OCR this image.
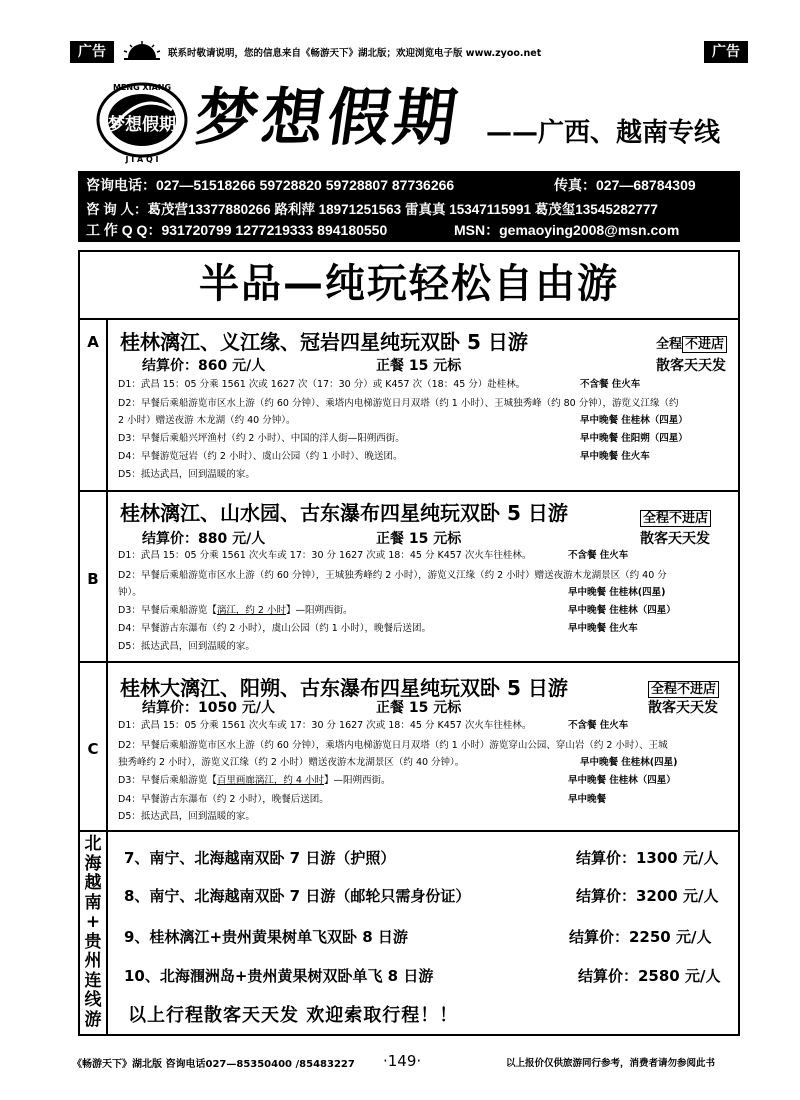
广告	联系时敬请说明，您的信息来自《畅游天下》湖北版；欢迎浏览电子版 www.zyoo.net	广告
MENG XIANG
J I A Q I
梦想假期 梦想假期 ——广西、越南专线
咨询电话：027—51518266 59728820 59728807 87736266	传真：027—68784309
咨 询 人：葛茂营13377880266 路利萍 18971251563 雷真真 15347115991 葛茂玺13545282777
工 作 Q Q：931720799 1277219333 894180550	MSN：gemaoying2008@msn.com
半品—纯玩轻松自由游
A	桂林漓江、义江缘、冠岩四星纯玩双卧 5 日游	全程 不进店
结算价：860 元/人	正餐 15 元标	散客天天发
D1：武昌 15：05 分乘 1561 次或 1627 次（17：30 分）或 K457 次（18：45 分）赴桂林。	不含餐 住火车
D2：早餐后乘船游览市区水上游（约 60 分钟）、乘塔内电梯游览日月双塔（约 1 小时）、王城独秀峰（约 80 分钟），游览义江缘（约
2 小时）赠送夜游 木龙湖（约 40 分钟）。	早中晚餐 住桂林（四星）
D3：早餐后乘船兴坪渔村（约 2 小时）、中国的洋人街—阳朔西街。	早中晚餐 住阳朔（四星）
D4：早餐游览冠岩（约 2 小时）、虞山公园（约 1 小时）、晚送团。	早中晚餐 住火车
D5：抵达武昌，回到温暖的家。
B
桂林漓江、山水园、古东瀑布四星纯玩双卧 5 日游	全程不进店
结算价：880 元/人	正餐 15 元标	散客天天发
D1：武昌 15：05 分乘 1561 次火车或 17：30 分 1627 次或 18：45 分 K457 次火车往桂林。	不含餐 住火车
D2：早餐后乘船游览市区水上游（约 60 分钟），王城独秀峰约 2 小时），游览义江缘（约 2 小时）赠送夜游木龙湖景区（约 40 分
钟）。	早中晚餐 住桂林(四星)
D3：早餐后乘船游览【漓江，约 2 小时】—阳朔西街。	早中晚餐 住桂林（四星）
D4：早餐游古东瀑布（约 2 小时），虞山公园（约 1 小时），晚餐后送团。	早中晚餐 住火车
D5：抵达武昌，回到温暖的家。
C
桂林大漓江、阳朔、古东瀑布四星纯玩双卧 5 日游	全程不进店
结算价：1050 元/人	正餐 15 元标	散客天天发
D1：武昌 15：05 分乘 1561 次火车或 17：30 分 1627 次或 18：45 分 K457 次火车往桂林。	不含餐 住火车
D2：早餐后乘船游览市区水上游（约 60 分钟），乘塔内电梯游览日月双塔（约 1 小时）游览穿山公园、穿山岩（约 2 小时）、王城
独秀峰约 2 小时），游览义江缘（约 2 小时）赠送夜游木龙湖景区（约 40 分钟）。	早中晚餐 住桂林(四星)
D3：早餐后乘船游览【百里画廊漓江，约 4 小时】—阳朔西街。	早中晚餐 住桂林（四星）
D4：早餐游古东瀑布（约 2 小时），晚餐后送团。	早中晚餐
D5：抵达武昌，回到温暖的家。
北
海
越
南
+
贵
州
连
线
游
7、南宁、北海越南双卧 7 日游（护照）	结算价：1300 元/人
8、南宁、北海越南双卧 7 日游（邮轮只需身份证）	结算价：3200 元/人
9、桂林漓江+贵州黄果树单飞双卧 8 日游	结算价：2250 元/人
10、北海涠洲岛+贵州黄果树双卧单飞 8 日游	结算价：2580 元/人
以上行程散客天天发 欢迎索取行程！！
《畅游天下》湖北版 咨询电话027—85350400 /85483227 ·149·	以上报价仅供旅游同行参考，消费者请勿参阅此书
